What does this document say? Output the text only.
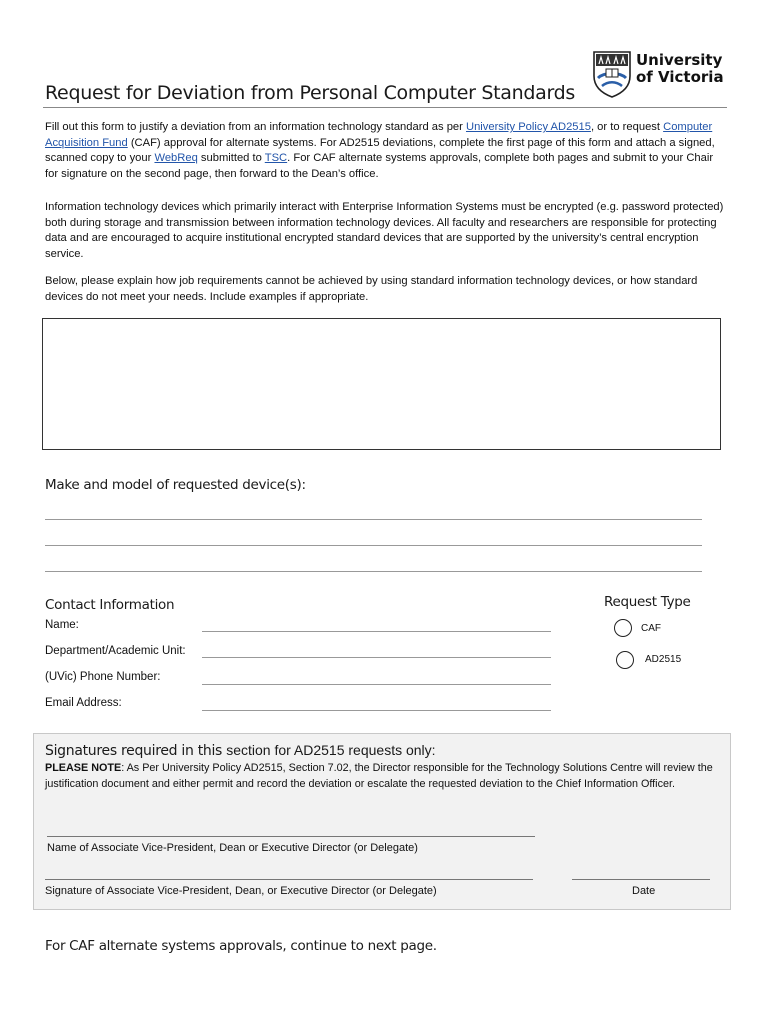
Request for Deviation from Personal Computer Standards
University
of Victoria
Fill out this form to justify a deviation from an information technology standard as per University Policy AD2515, or to request Computer Acquisition Fund (CAF) approval for alternate systems. For AD2515 deviations, complete the first page of this form and attach a signed, scanned copy to your WebReq submitted to TSC. For CAF alternate systems approvals, complete both pages and submit to your Chair for signature on the second page, then forward to the Dean’s office.
Information technology devices which primarily interact with Enterprise Information Systems must be encrypted (e.g. password protected) both during storage and transmission between information technology devices. All faculty and researchers are responsible for protecting data and are encouraged to acquire institutional encrypted standard devices that are supported by the university’s central encryption service.
Below, please explain how job requirements cannot be achieved by using standard information technology devices, or how standard devices do not meet your needs. Include examples if appropriate.
Make and model of requested device(s):
Contact Information
Name:
Department/Academic Unit:
(UVic) Phone Number:
Email Address:
Request Type
CAF
AD2515
Signatures required in this section for AD2515 requests only:
PLEASE NOTE: As Per University Policy AD2515, Section 7.02, the Director responsible for the Technology Solutions Centre will review the justification document and either permit and record the deviation or escalate the requested deviation to the Chief Information Officer.
Name of Associate Vice-President, Dean or Executive Director (or Delegate)
Signature of Associate Vice-President, Dean, or Executive Director (or Delegate)	Date
For CAF alternate systems approvals, continue to next page.
